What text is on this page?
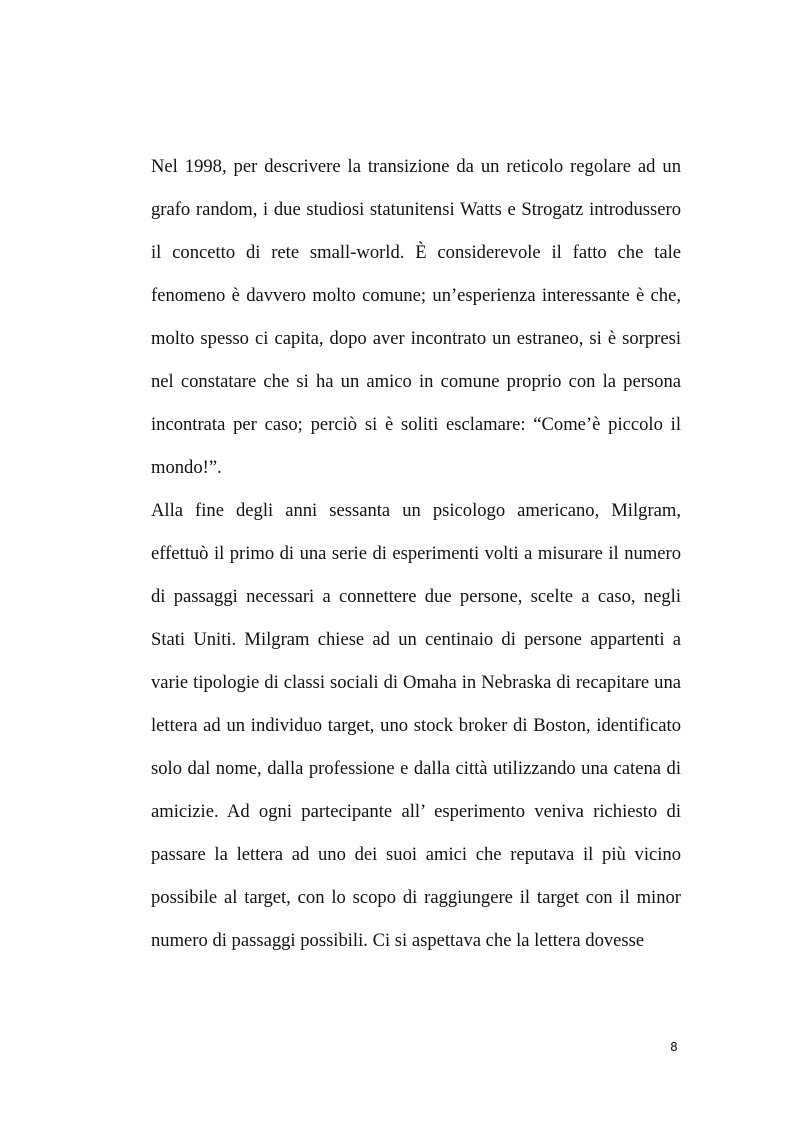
Nel 1998, per descrivere la transizione da un reticolo regolare ad un grafo random, i due studiosi statunitensi Watts e Strogatz introdussero il concetto di rete small-world. È considerevole il fatto che tale fenomeno è davvero molto comune; un’esperienza interessante è che, molto spesso ci capita, dopo aver incontrato un estraneo, si è sorpresi nel constatare che si ha un amico in comune proprio con la persona incontrata per caso; perciò si è soliti esclamare: “Come’è piccolo il mondo!”.

Alla fine degli anni sessanta un psicologo americano, Milgram, effettuò il primo di una serie di esperimenti volti a misurare il numero di passaggi necessari a connettere due persone, scelte a caso, negli Stati Uniti. Milgram chiese ad un centinaio di persone appartenti a varie tipologie di classi sociali di Omaha in Nebraska di recapitare una lettera ad un individuo target, uno stock broker di Boston, identificato solo dal nome, dalla professione e dalla città utilizzando una catena di amicizie. Ad ogni partecipante all’ esperimento veniva richiesto di passare la lettera ad uno dei suoi amici che reputava il più vicino possibile al target, con lo scopo di raggiungere il target con il minor numero di passaggi possibili. Ci si aspettava che la lettera dovesse

8
